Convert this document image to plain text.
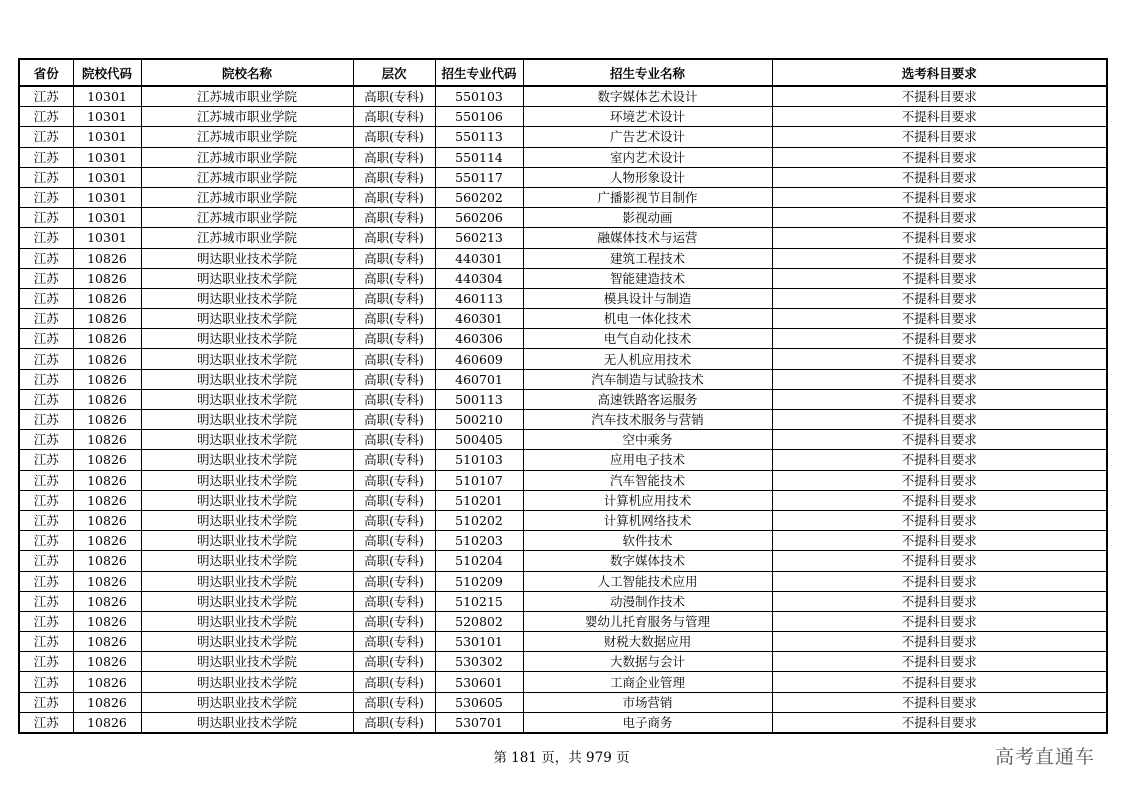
省份	院校代码	院校名称	层次	招生专业代码	招生专业名称	选考科目要求
江苏	10301	江苏城市职业学院	高职(专科)	550103	数字媒体艺术设计	不提科目要求
江苏	10301	江苏城市职业学院	高职(专科)	550106	环境艺术设计	不提科目要求
江苏	10301	江苏城市职业学院	高职(专科)	550113	广告艺术设计	不提科目要求
江苏	10301	江苏城市职业学院	高职(专科)	550114	室内艺术设计	不提科目要求
江苏	10301	江苏城市职业学院	高职(专科)	550117	人物形象设计	不提科目要求
江苏	10301	江苏城市职业学院	高职(专科)	560202	广播影视节目制作	不提科目要求
江苏	10301	江苏城市职业学院	高职(专科)	560206	影视动画	不提科目要求
江苏	10301	江苏城市职业学院	高职(专科)	560213	融媒体技术与运营	不提科目要求
江苏	10826	明达职业技术学院	高职(专科)	440301	建筑工程技术	不提科目要求
江苏	10826	明达职业技术学院	高职(专科)	440304	智能建造技术	不提科目要求
江苏	10826	明达职业技术学院	高职(专科)	460113	模具设计与制造	不提科目要求
江苏	10826	明达职业技术学院	高职(专科)	460301	机电一体化技术	不提科目要求
江苏	10826	明达职业技术学院	高职(专科)	460306	电气自动化技术	不提科目要求
江苏	10826	明达职业技术学院	高职(专科)	460609	无人机应用技术	不提科目要求
江苏	10826	明达职业技术学院	高职(专科)	460701	汽车制造与试验技术	不提科目要求
江苏	10826	明达职业技术学院	高职(专科)	500113	高速铁路客运服务	不提科目要求
江苏	10826	明达职业技术学院	高职(专科)	500210	汽车技术服务与营销	不提科目要求
江苏	10826	明达职业技术学院	高职(专科)	500405	空中乘务	不提科目要求
江苏	10826	明达职业技术学院	高职(专科)	510103	应用电子技术	不提科目要求
江苏	10826	明达职业技术学院	高职(专科)	510107	汽车智能技术	不提科目要求
江苏	10826	明达职业技术学院	高职(专科)	510201	计算机应用技术	不提科目要求
江苏	10826	明达职业技术学院	高职(专科)	510202	计算机网络技术	不提科目要求
江苏	10826	明达职业技术学院	高职(专科)	510203	软件技术	不提科目要求
江苏	10826	明达职业技术学院	高职(专科)	510204	数字媒体技术	不提科目要求
江苏	10826	明达职业技术学院	高职(专科)	510209	人工智能技术应用	不提科目要求
江苏	10826	明达职业技术学院	高职(专科)	510215	动漫制作技术	不提科目要求
江苏	10826	明达职业技术学院	高职(专科)	520802	婴幼儿托育服务与管理	不提科目要求
江苏	10826	明达职业技术学院	高职(专科)	530101	财税大数据应用	不提科目要求
江苏	10826	明达职业技术学院	高职(专科)	530302	大数据与会计	不提科目要求
江苏	10826	明达职业技术学院	高职(专科)	530601	工商企业管理	不提科目要求
江苏	10826	明达职业技术学院	高职(专科)	530605	市场营销	不提科目要求
江苏	10826	明达职业技术学院	高职(专科)	530701	电子商务	不提科目要求
第 181 页，共 979 页	高考直通车
